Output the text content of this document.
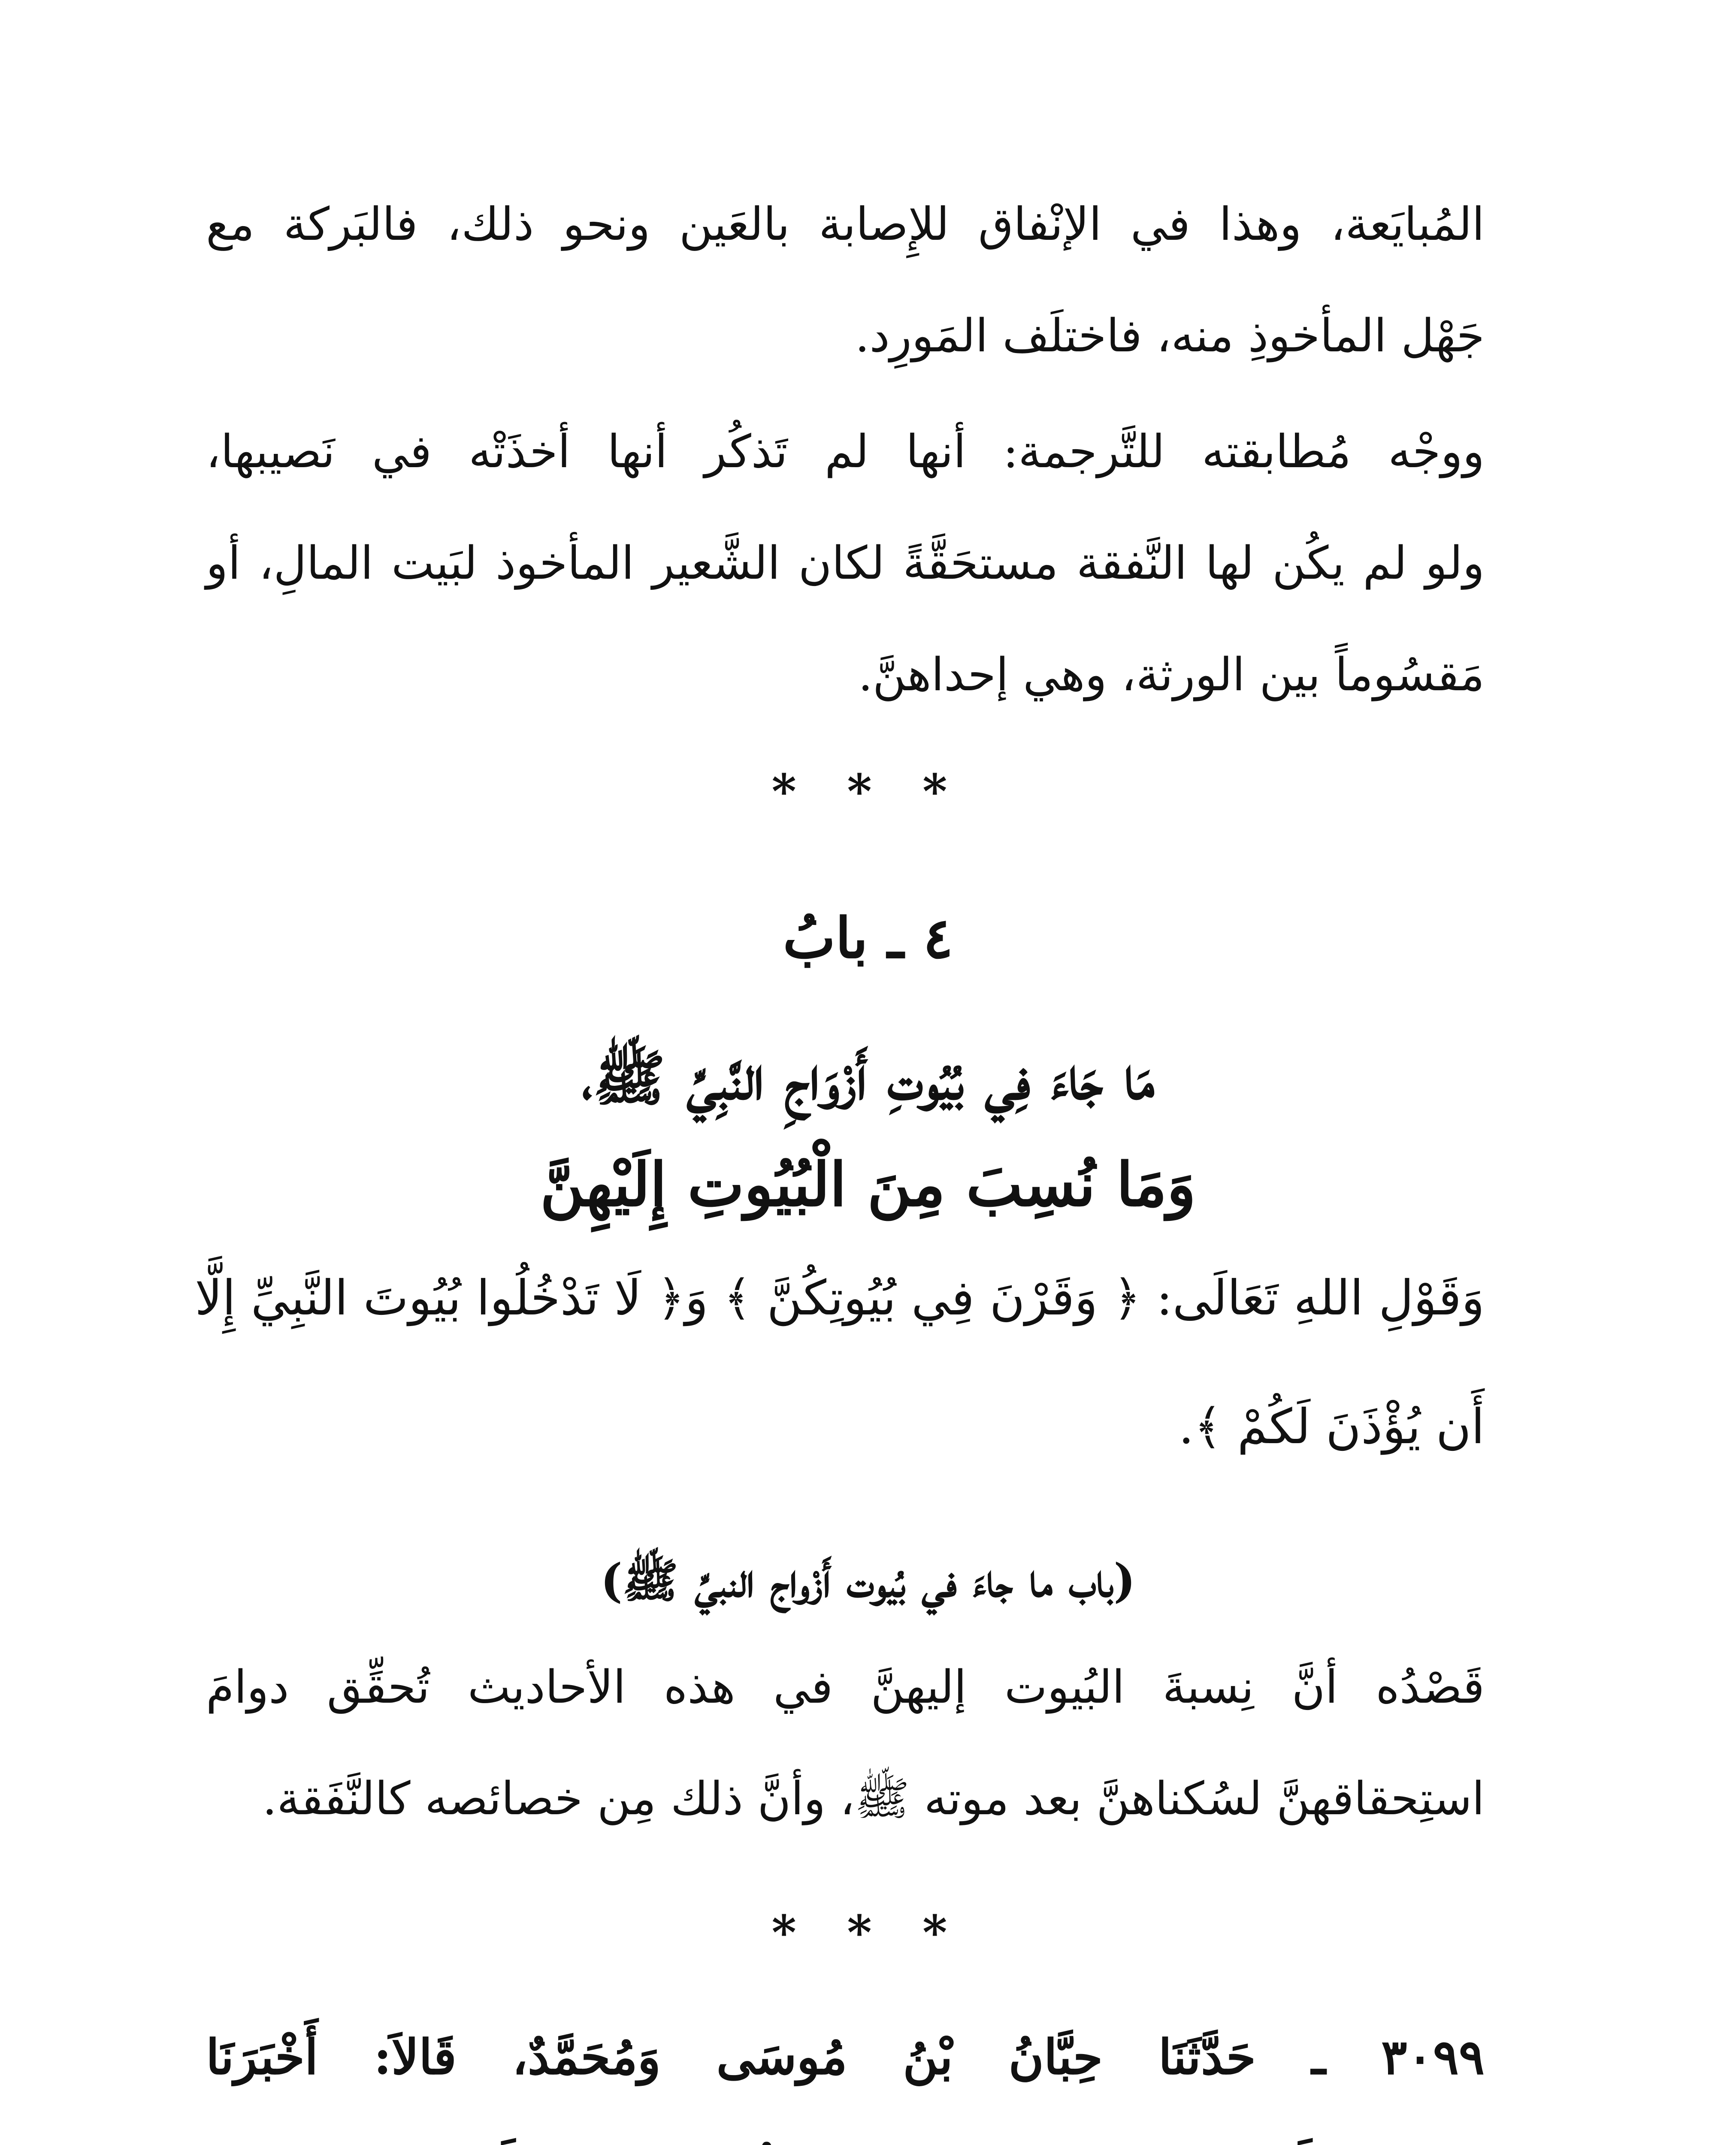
المُبايَعة، وهذا في الإنْفاق للإِصابة بالعَين ونحو ذلك، فالبَركة مع
جَهْل المأخوذِ منه، فاختلَف المَورِد.
ووجْه مُطابقته للتَّرجمة: أنها لم تَذكُر أنها أخذَتْه في نَصيبها،
ولو لم يكُن لها النَّفقة مستحَقَّةً لكان الشَّعير المأخوذ لبَيت المالِ، أو
مَقسُوماً بين الورثة، وهي إحداهنَّ.
* * *
٤ ـ بابُ
مَا جَاءَ فِي بُيُوتِ أَزْوَاجِ النَّبِيِّ ﷺ،
وَمَا نُسِبَ مِنَ الْبُيُوتِ إِلَيْهِنَّ
وَقَوْلِ اللهِ تَعَالَى: ﴿ وَقَرْنَ فِي بُيُوتِكُنَّ ﴾ وَ﴿ لَا تَدْخُلُوا بُيُوتَ النَّبِيِّ إِلَّا
أَن يُؤْذَنَ لَكُمْ ﴾.
(باب ما جاءَ في بُيوت أَزْواج النبيِّ ﷺ)
قَصْدُه أنَّ نِسبةَ البُيوت إليهنَّ في هذه الأحاديث تُحقِّق دوامَ
استِحقاقهنَّ لسُكناهنَّ بعد موته ﷺ، وأنَّ ذلك مِن خصائصه كالنَّفَقة.
* * *
٣٠٩٩ ـ حَدَّثَنَا حِبَّانُ بْنُ مُوسَى وَمُحَمَّدٌ، قَالاَ: أَخْبَرَنَا
